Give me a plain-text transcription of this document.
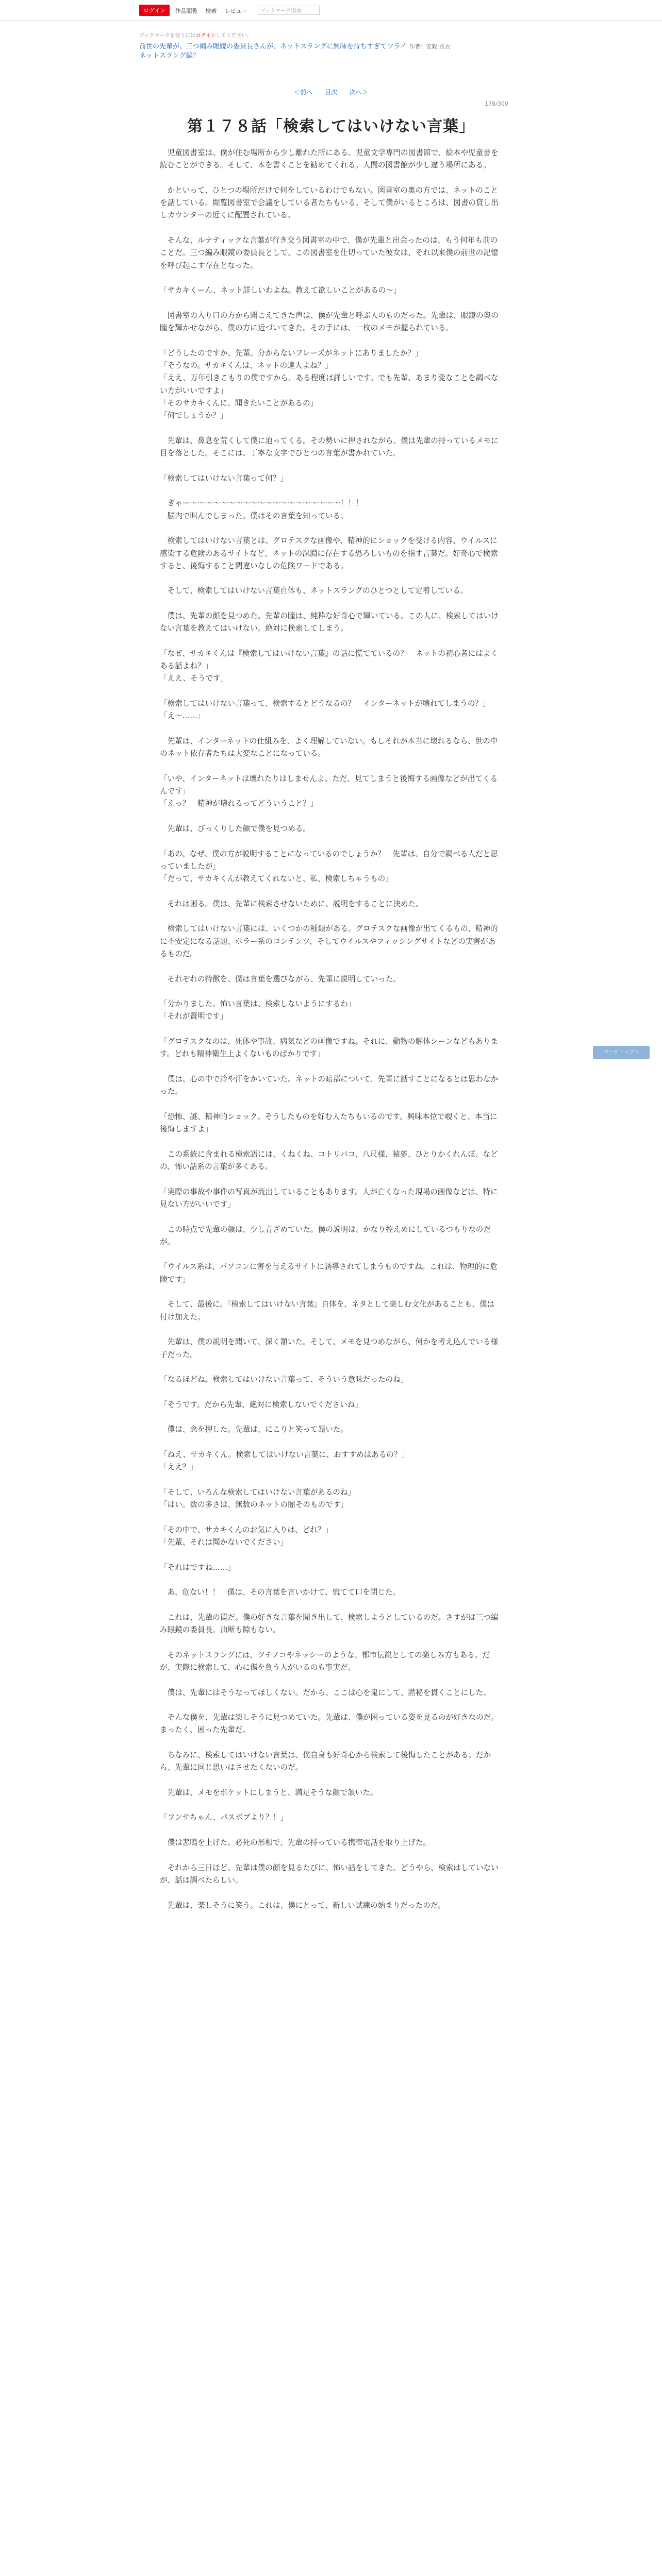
ログイン	作品閲覧 検索 レビュー	ブックマーク追加
ブックマークを使うにはログインしてください。
前世の先輩が、三つ編み眼鏡の委員長さんが、ネットスラングに興味を持ちすぎてツライ 作者：安政 雅衣
ネットスラング編？
＜前へ 目次 次へ＞
178/300
第１７８話「検索してはいけない言葉」

　児童図書室は、僕が住む場所から少し離れた所にある。児童文学専門の図書館で、絵本や児童書を読むことができる。そして、本を書くことを勧めてくれる。人間の図書館が少し違う場所にある。

　かといって、ひとつの場所だけで何をしているわけでもない。図書室の奥の方では、ネットのことを話している。閲覧図書室で会議をしている者たちもいる。そして僕がいるところは、図書の貸し出しカウンターの近くに配置されている。

　そんな、ルナティックな言葉が行き交う図書室の中で、僕が先輩と出会ったのは、もう何年も前のことだ。三つ編み眼鏡の委員長として、この図書室を仕切っていた彼女は、それ以来僕の前世の記憶を呼び起こす存在となった。

「サカキくーん、ネット詳しいわよね。教えて欲しいことがあるの～」

　図書室の入り口の方から聞こえてきた声は、僕が先輩と呼ぶ人のものだった。先輩は、眼鏡の奥の瞳を輝かせながら、僕の方に近づいてきた。その手には、一枚のメモが握られている。

「どうしたのですか、先輩。分からないフレーズがネットにありましたか？」
「そうなの。サカキくんは、ネットの達人よね？」
「ええ、万年引きこもりの僕ですから、ある程度は詳しいです。でも先輩、あまり変なことを調べない方がいいですよ」
「そのサカキくんに、聞きたいことがあるの」
「何でしょうか？」

　先輩は、鼻息を荒くして僕に迫ってくる。その勢いに押されながら、僕は先輩の持っているメモに目を落とした。そこには、丁寧な文字でひとつの言葉が書かれていた。

「検索してはいけない言葉って何？」

　ぎゃー～～～～～～～～～～～～～～～～～～～～！！！
　脳内で叫んでしまった。僕はその言葉を知っている。

　検索してはいけない言葉とは、グロテスクな画像や、精神的にショックを受ける内容、ウイルスに感染する危険のあるサイトなど、ネットの深淵に存在する恐ろしいものを指す言葉だ。好奇心で検索すると、後悔すること間違いなしの危険ワードである。

　そして、検索してはいけない言葉自体も、ネットスラングのひとつとして定着している。

　僕は、先輩の顔を見つめた。先輩の瞳は、純粋な好奇心で輝いている。この人に、検索してはいけない言葉を教えてはいけない。絶対に検索してしまう。

「なぜ、サカキくんは『検索してはいけない言葉』の話に慌てているの？　ネットの初心者にはよくある話よね？」
「ええ、そうです」

「検索してはいけない言葉って、検索するとどうなるの？　インターネットが壊れてしまうの？」
「え～……」

　先輩は、インターネットの仕組みを、よく理解していない。もしそれが本当に壊れるなら、世の中のネット依存者たちは大変なことになっている。

「いや、インターネットは壊れたりはしませんよ。ただ、見てしまうと後悔する画像などが出てくるんです」
「えっ？　精神が壊れるってどういうこと？」

　先輩は、びっくりした顔で僕を見つめる。

「あの、なぜ、僕の方が説明することになっているのでしょうか？　先輩は、自分で調べる人だと思っていましたが」
「だって、サカキくんが教えてくれないと、私、検索しちゃうもの」

　それは困る。僕は、先輩に検索させないために、説明をすることに決めた。

　検索してはいけない言葉には、いくつかの種類がある。グロテスクな画像が出てくるもの、精神的に不安定になる話題、ホラー系のコンテンツ、そしてウイルスやフィッシングサイトなどの実害があるものだ。

　それぞれの特徴を、僕は言葉を選びながら、先輩に説明していった。

「分かりました。怖い言葉は、検索しないようにするわ」
「それが賢明です」

「グロテスクなのは、死体や事故、病気などの画像ですね。それに、動物の解体シーンなどもあります。どれも精神衛生上よくないものばかりです」

　僕は、心の中で冷や汗をかいていた。ネットの暗部について、先輩に話すことになるとは思わなかった。

「恐怖、謎、精神的ショック。そうしたものを好む人たちもいるのです。興味本位で覗くと、本当に後悔しますよ」

　この系統に含まれる検索語には、くねくね、コトリバコ、八尺様、猿夢、ひとりかくれんぼ、などの、怖い話系の言葉が多くある。

「実際の事故や事件の写真が流出していることもあります。人が亡くなった現場の画像などは、特に見ない方がいいです」

　この時点で先輩の顔は、少し青ざめていた。僕の説明は、かなり控えめにしているつもりなのだが。

「ウイルス系は、パソコンに害を与えるサイトに誘導されてしまうものですね。これは、物理的に危険です」

　そして、最後に。『検索してはいけない言葉』自体を、ネタとして楽しむ文化があることも、僕は付け加えた。

　先輩は、僕の説明を聞いて、深く頷いた。そして、メモを見つめながら、何かを考え込んでいる様子だった。

「なるほどね。検索してはいけない言葉って、そういう意味だったのね」

「そうです。だから先輩、絶対に検索しないでくださいね」

　僕は、念を押した。先輩は、にこりと笑って頷いた。

「ねえ、サカキくん。検索してはいけない言葉に、おすすめはあるの？」
「ええ？」

「そして、いろんな検索してはいけない言葉があるのね」
「はい。数の多さは、無数のネットの闇そのものです」

「その中で、サカキくんのお気に入りは、どれ？」
「先輩、それは聞かないでください」

「それはですね……」

　あ、危ない！！　僕は、その言葉を言いかけて、慌てて口を閉じた。

　これは、先輩の罠だ。僕の好きな言葉を聞き出して、検索しようとしているのだ。さすがは三つ編み眼鏡の委員長。油断も隙もない。

　そのネットスラングには、ツチノコやネッシーのような、都市伝説としての楽しみ方もある。だが、実際に検索して、心に傷を負う人がいるのも事実だ。

　僕は、先輩にはそうなってほしくない。だから、ここは心を鬼にして、黙秘を貫くことにした。

　そんな僕を、先輩は楽しそうに見つめていた。先輩は、僕が困っている姿を見るのが好きなのだ。まったく、困った先輩だ。

　ちなみに、検索してはいけない言葉は、僕自身も好奇心から検索して後悔したことがある。だから、先輩に同じ思いはさせたくないのだ。

　先輩は、メモをポケットにしまうと、満足そうな顔で頷いた。

「フンサちゃん、パスボブより？！」

　僕は悲鳴を上げた。必死の形相で、先輩の持っている携帯電話を取り上げた。

　それから三日ほど、先輩は僕の顔を見るたびに、怖い話をしてきた。どうやら、検索はしていないが、話は調べたらしい。

　先輩は、楽しそうに笑う。これは、僕にとって、新しい試練の始まりだったのだ。

ページトップへ
